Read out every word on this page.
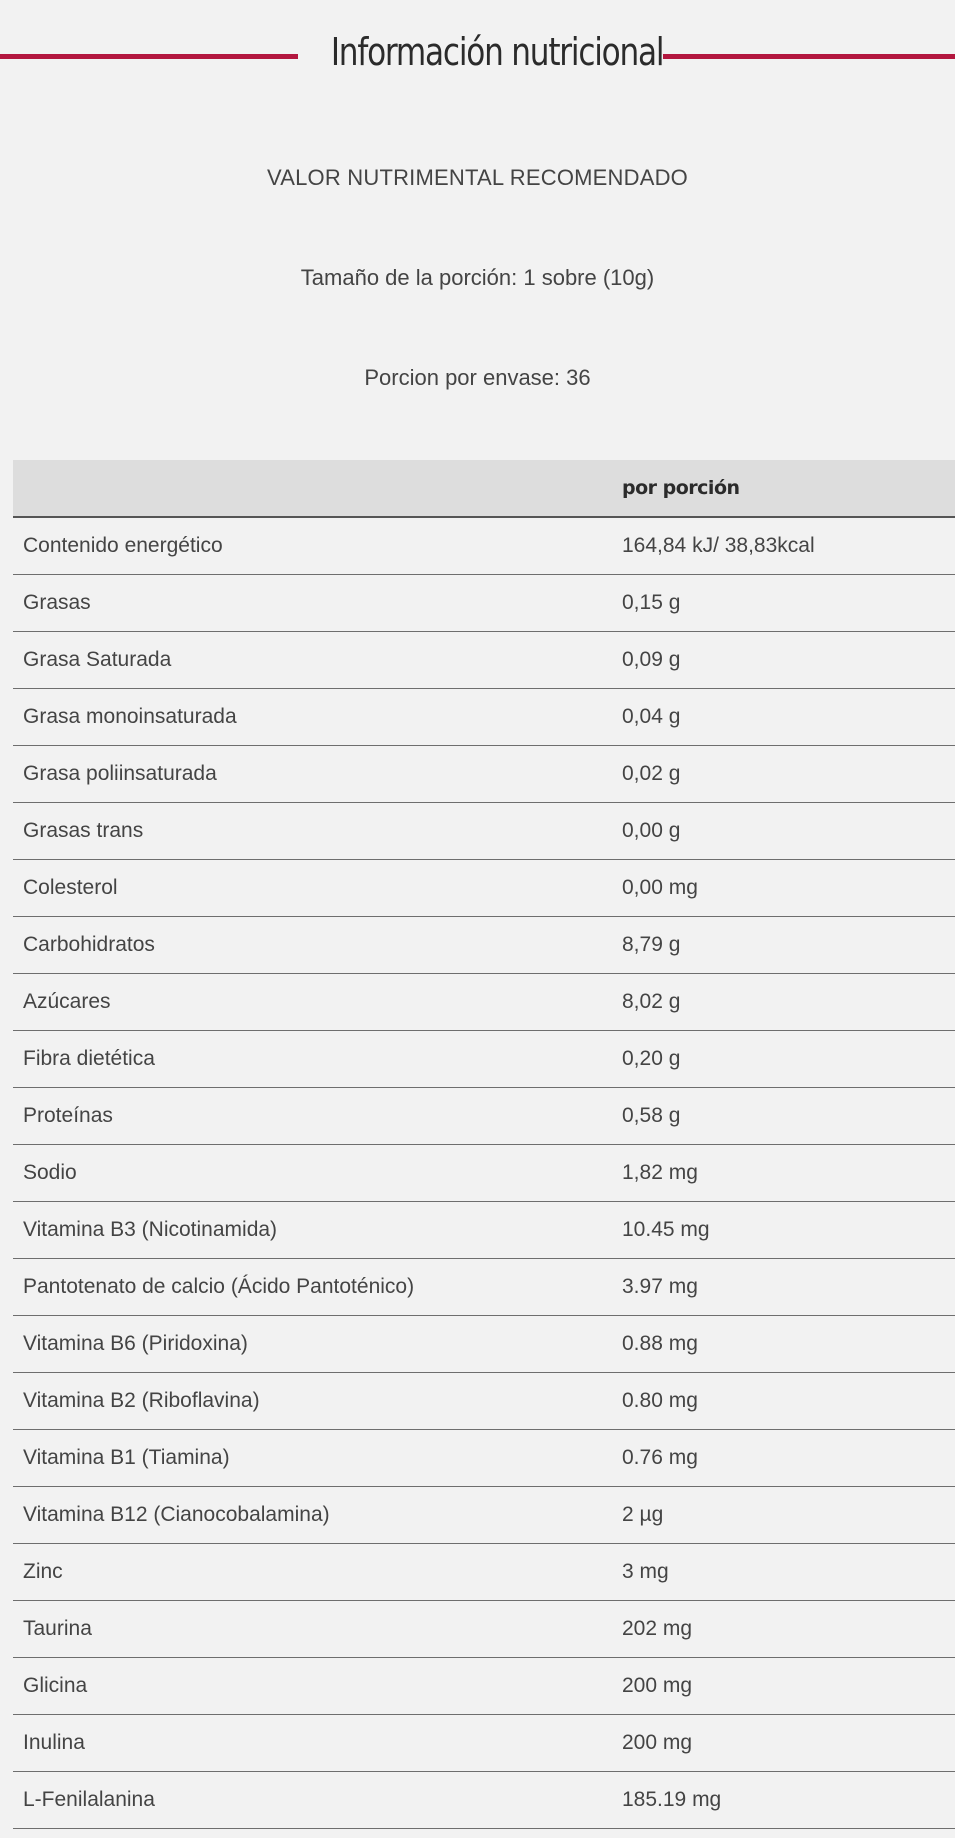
Información nutricional

VALOR NUTRIMENTAL RECOMENDADO

Tamaño de la porción: 1 sobre (10g)

Porcion por envase: 36

	por porción
Contenido energético	164,84 kJ/ 38,83kcal
Grasas	0,15 g
Grasa Saturada	0,09 g
Grasa monoinsaturada	0,04 g
Grasa poliinsaturada	0,02 g
Grasas trans	0,00 g
Colesterol	0,00 mg
Carbohidratos	8,79 g
Azúcares	8,02 g
Fibra dietética	0,20 g
Proteínas	0,58 g
Sodio	1,82 mg
Vitamina B3 (Nicotinamida)	10.45 mg
Pantotenato de calcio (Ácido Pantoténico)	3.97 mg
Vitamina B6 (Piridoxina)	0.88 mg
Vitamina B2 (Riboflavina)	0.80 mg
Vitamina B1 (Tiamina)	0.76 mg
Vitamina B12 (Cianocobalamina)	2 µg
Zinc	3 mg
Taurina	202 mg
Glicina	200 mg
Inulina	200 mg
L-Fenilalanina	185.19 mg
